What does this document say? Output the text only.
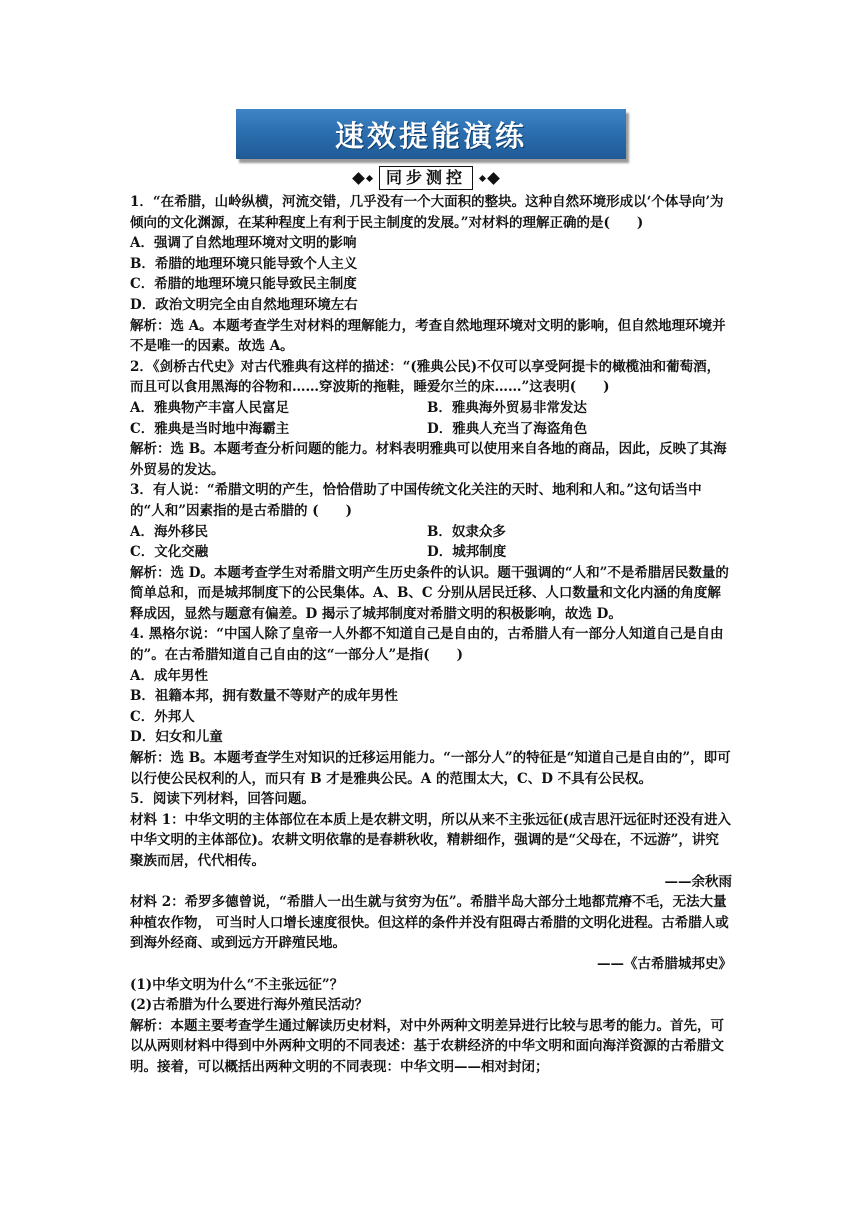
速效提能演练
同步测控

1．“在希腊，山岭纵横，河流交错，几乎没有一个大面积的整块。这种自然环境形成以‘个体导向’为倾向的文化渊源，在某种程度上有利于民主制度的发展。”对材料的理解正确的是(　　)

A．强调了自然地理环境对文明的影响

B．希腊的地理环境只能导致个人主义

C．希腊的地理环境只能导致民主制度

D．政治文明完全由自然地理环境左右

解析：选 A。本题考查学生对材料的理解能力，考查自然地理环境对文明的影响，但自然地理环境并不是唯一的因素。故选 A。

2．《剑桥古代史》对古代雅典有这样的描述：“(雅典公民)不仅可以享受阿提卡的橄榄油和葡萄酒，而且可以食用黑海的谷物和……穿波斯的拖鞋，睡爱尔兰的床……”这表明(　　)

A．雅典物产丰富人民富足	B．雅典海外贸易非常发达
C．雅典是当时地中海霸主	D．雅典人充当了海盗角色

解析：选 B。本题考查分析问题的能力。材料表明雅典可以使用来自各地的商品，因此，反映了其海外贸易的发达。

3．有人说：“希腊文明的产生，恰恰借助了中国传统文化关注的天时、地利和人和。”这句话当中的“人和”因素指的是古希腊的 (　　)

A．海外移民	B．奴隶众多
C．文化交融	D．城邦制度

解析：选 D。本题考查学生对希腊文明产生历史条件的认识。题干强调的“人和”不是希腊居民数量的简单总和，而是城邦制度下的公民集体。A、B、C 分别从居民迁移、人口数量和文化内涵的角度解释成因，显然与题意有偏差。D 揭示了城邦制度对希腊文明的积极影响，故选 D。

4. 黑格尔说：“中国人除了皇帝一人外都不知道自己是自由的，古希腊人有一部分人知道自己是自由的”。在古希腊知道自己自由的这“一部分人”是指(　　)

A．成年男性

B．祖籍本邦，拥有数量不等财产的成年男性

C．外邦人

D．妇女和儿童

解析：选 B。本题考查学生对知识的迁移运用能力。“一部分人”的特征是“知道自己是自由的”，即可以行使公民权利的人，而只有 B 才是雅典公民。A 的范围太大，C、D 不具有公民权。

5．阅读下列材料，回答问题。

材料 1：中华文明的主体部位在本质上是农耕文明，所以从来不主张远征(成吉思汗远征时还没有进入中华文明的主体部位)。农耕文明依靠的是春耕秋收，精耕细作，强调的是“父母在，不远游”，讲究聚族而居，代代相传。

——余秋雨

材料 2：希罗多德曾说，“希腊人一出生就与贫穷为伍”。希腊半岛大部分土地都荒瘠不毛，无法大量种植农作物， 可当时人口增长速度很快。但这样的条件并没有阻碍古希腊的文明化进程。古希腊人或到海外经商、或到远方开辟殖民地。

——《古希腊城邦史》

(1)中华文明为什么“不主张远征”？

(2)古希腊为什么要进行海外殖民活动？

解析：本题主要考查学生通过解读历史材料，对中外两种文明差异进行比较与思考的能力。首先，可以从两则材料中得到中外两种文明的不同表述：基于农耕经济的中华文明和面向海洋资源的古希腊文明。接着，可以概括出两种文明的不同表现：中华文明——相对封闭；
